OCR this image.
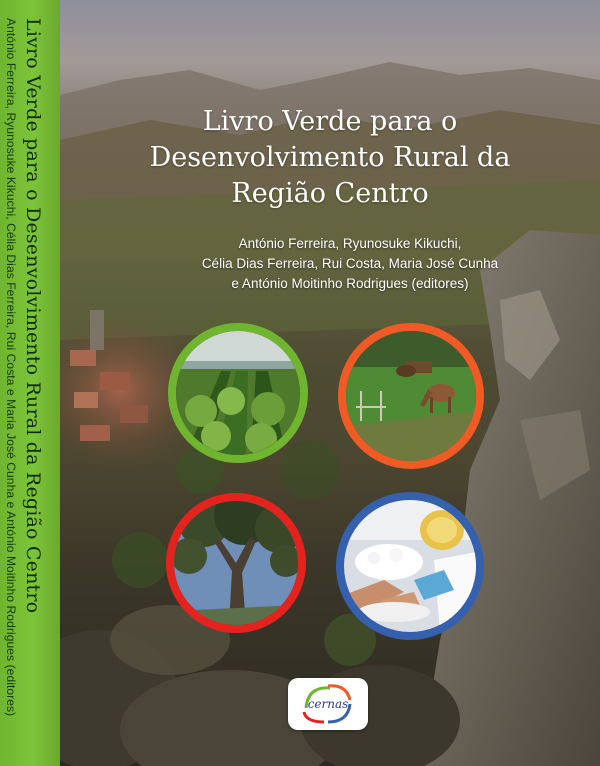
Livro Verde para o Desenvolvimento Rural da Região Centro
António Ferreira, Ryunosuke Kikuchi, Célia Dias Ferreira, Rui Costa e Maria José Cunha e António Moitinho Rodrigues (editores)	Livro Verde para o
Desenvolvimento Rural da
Região Centro
António Ferreira, Ryunosuke Kikuchi,
Célia Dias Ferreira, Rui Costa, Maria José Cunha
e António Moitinho Rodrigues (editores)
cernas
